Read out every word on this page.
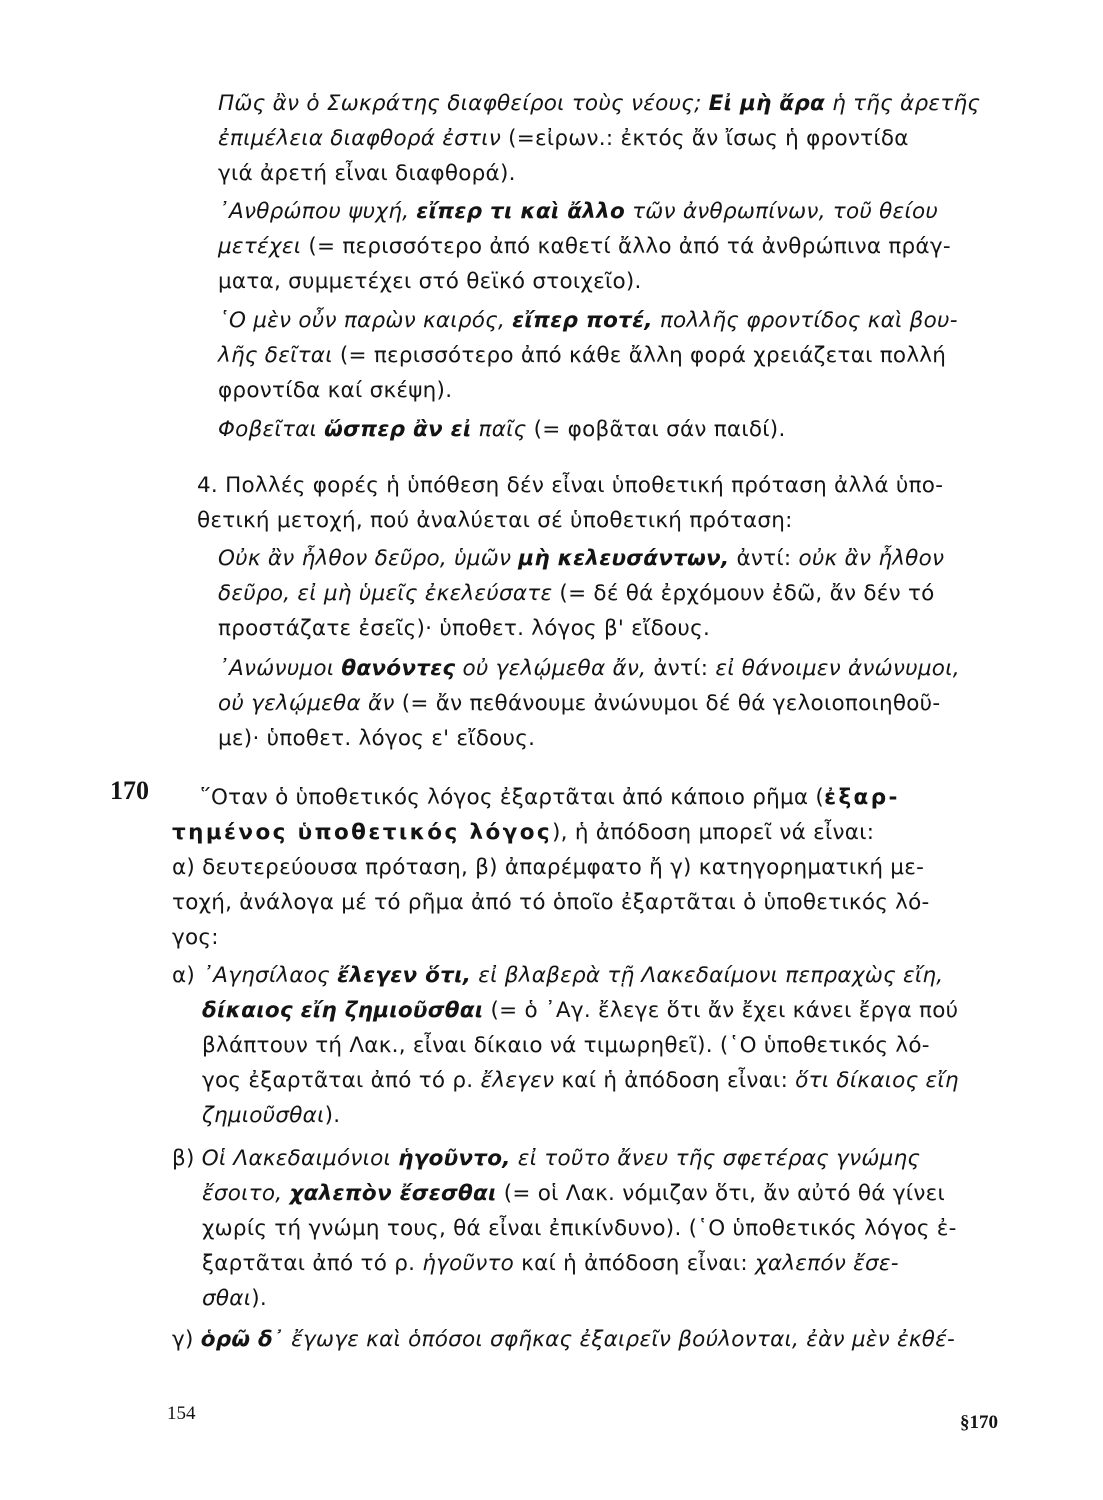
170
Πῶς ἂν ὁ Σωκράτης διαφθείροι τοὺς νέους; Εἰ μὴ ἄρα ἡ τῆς ἀρετῆς
ἐπιμέλεια διαφθορά ἐστιν (=εἰρων.: ἐκτός ἄν ἴσως ἡ φροντίδα
γιά ἀρετή εἶναι διαφθορά).
᾿Ανθρώπου ψυχή, εἴπερ τι καὶ ἄλλο τῶν ἀνθρωπίνων, τοῦ θείου
μετέχει (= περισσότερο ἀπό καθετί ἄλλο ἀπό τά ἀνθρώπινα πράγ-
ματα, συμμετέχει στό θεϊκό στοιχεῖο).
῾Ο μὲν οὖν παρὼν καιρός, εἴπερ ποτέ, πολλῆς φροντίδος καὶ βου-
λῆς δεῖται (= περισσότερο ἀπό κάθε ἄλλη φορά χρειάζεται πολλή
φροντίδα καί σκέψη).
Φοβεῖται ὥσπερ ἂν εἰ παῖς (= φοβᾶται σάν παιδί).
4. Πολλές φορές ἡ ὑπόθεση δέν εἶναι ὑποθετική πρόταση ἀλλά ὑπο-
θετική μετοχή, πού ἀναλύεται σέ ὑποθετική πρόταση:
Οὐκ ἂν ἦλθον δεῦρο, ὑμῶν μὴ κελευσάντων, ἀντί: οὐκ ἂν ἦλθον
δεῦρο, εἰ μὴ ὑμεῖς ἐκελεύσατε (= δέ θά ἐρχόμουν ἐδῶ, ἄν δέν τό
προστάζατε ἐσεῖς)· ὑποθετ. λόγος β' εἴδους.
᾿Ανώνυμοι θανόντες οὐ γελῴμεθα ἄν, ἀντί: εἰ θάνοιμεν ἀνώνυμοι,
οὐ γελῴμεθα ἄν (= ἄν πεθάνουμε ἀνώνυμοι δέ θά γελοιοποιηθοῦ-
με)· ὑποθετ. λόγος ε' εἴδους.
῞Οταν ὁ ὑποθετικός λόγος ἐξαρτᾶται ἀπό κάποιο ρῆμα (ἐξαρ-
τημένος ὑποθετικός λόγος), ἡ ἀπόδοση μπορεῖ νά εἶναι:
α) δευτερεύουσα πρόταση, β) ἀπαρέμφατο ἤ γ) κατηγορηματική με-
τοχή, ἀνάλογα μέ τό ρῆμα ἀπό τό ὁποῖο ἐξαρτᾶται ὁ ὑποθετικός λό-
γος:
α) ᾿Αγησίλαος ἔλεγεν ὅτι, εἰ βλαβερὰ τῇ Λακεδαίμονι πεπραχὼς εἴη,
δίκαιος εἴη ζημιοῦσθαι (= ὁ ᾿Αγ. ἔλεγε ὅτι ἄν ἔχει κάνει ἔργα πού
βλάπτουν τή Λακ., εἶναι δίκαιο νά τιμωρηθεῖ). (῾Ο ὑποθετικός λό-
γος ἐξαρτᾶται ἀπό τό ρ. ἔλεγεν καί ἡ ἀπόδοση εἶναι: ὅτι δίκαιος εἴη
ζημιοῦσθαι).
β) Οἱ Λακεδαιμόνιοι ἡγοῦντο, εἰ τοῦτο ἄνευ τῆς σφετέρας γνώμης
ἔσοιτο, χαλεπὸν ἔσεσθαι (= οἱ Λακ. νόμιζαν ὅτι, ἄν αὐτό θά γίνει
χωρίς τή γνώμη τους, θά εἶναι ἐπικίνδυνο). (῾Ο ὑποθετικός λόγος ἐ-
ξαρτᾶται ἀπό τό ρ. ἡγοῦντο καί ἡ ἀπόδοση εἶναι: χαλεπόν ἔσε-
σθαι).
γ) ὁρῶ δ᾿ ἔγωγε καὶ ὁπόσοι σφῆκας ἐξαιρεῖν βούλονται, ἐὰν μὲν ἐκθέ-
154	§170
